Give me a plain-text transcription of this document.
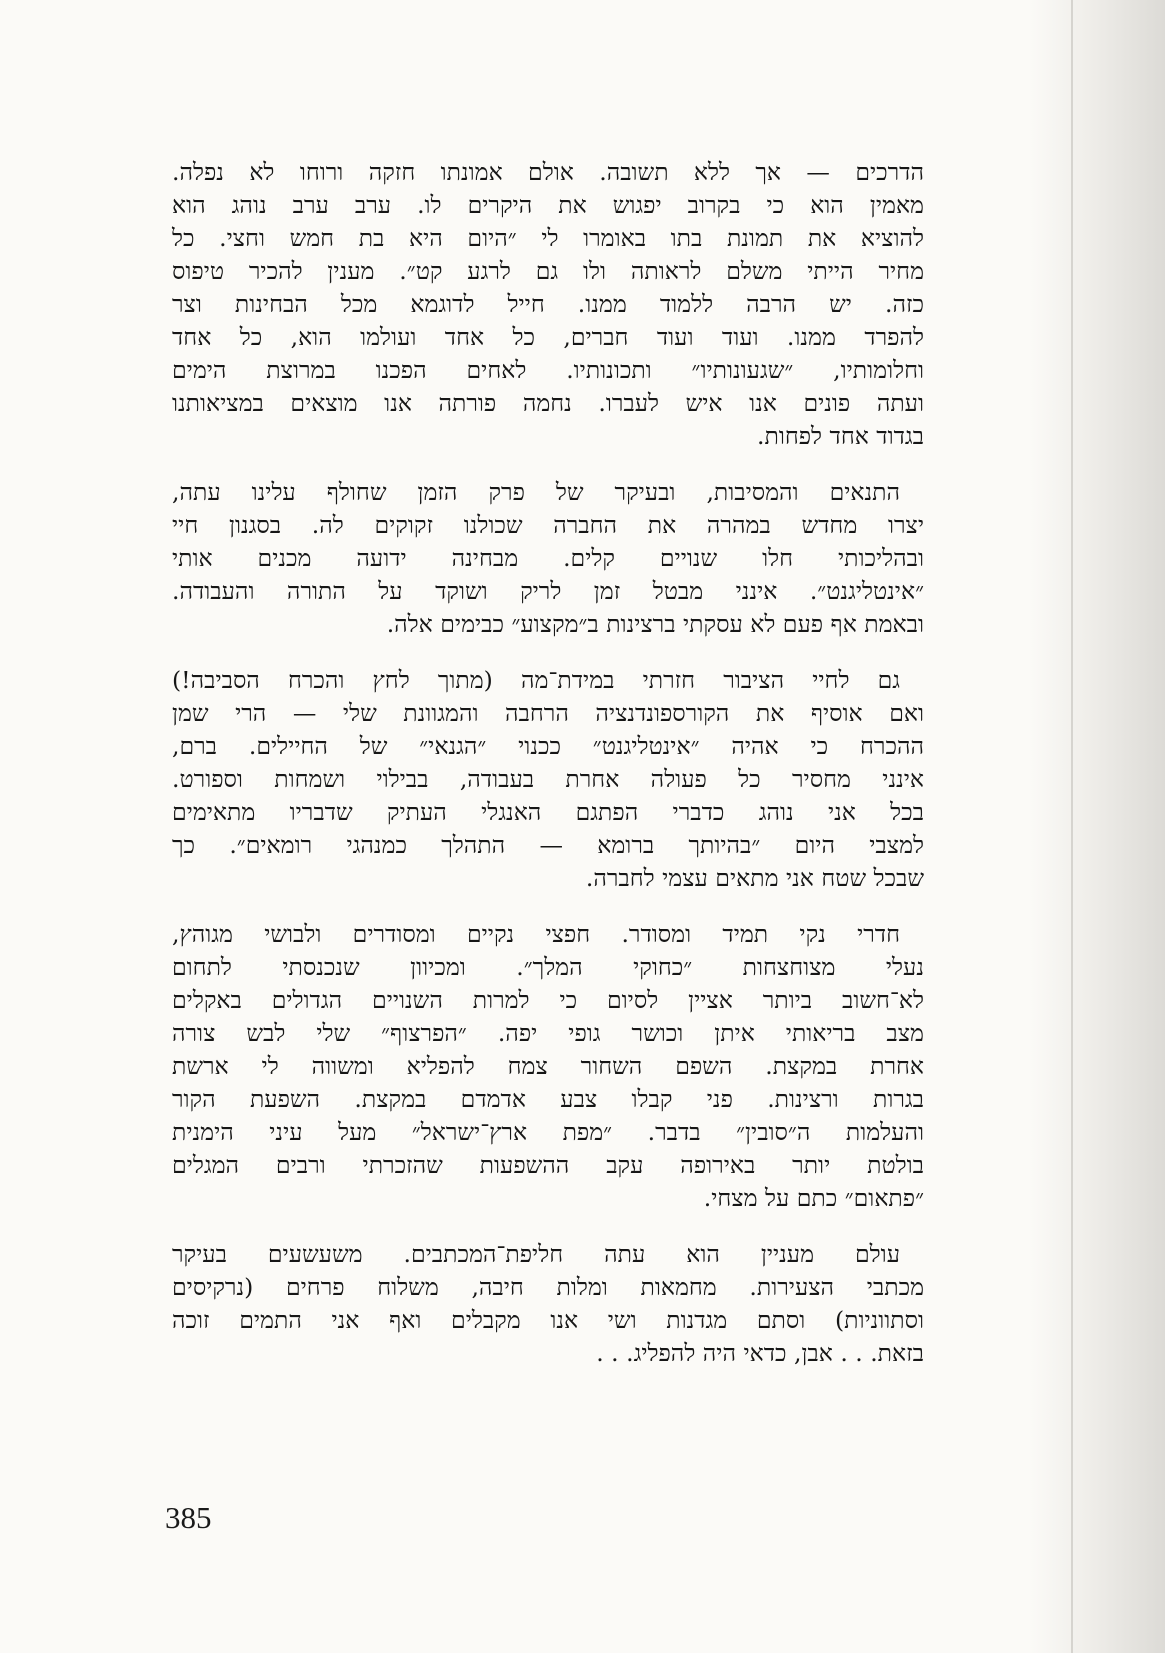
הדרכים — אך ללא תשובה. אולם אמונתו חזקה ורוחו לא נפלה.
מאמין הוא כי בקרוב יפגוש את היקרים לו. ערב ערב נוהג הוא
להוציא את תמונת בתו באומרו לי ״היום היא בת חמש וחצי. כל
מחיר הייתי משלם לראותה ולו גם לרגע קט״. מענין להכיר טיפוס
כזה. יש הרבה ללמוד ממנו. חייל לדוגמא מכל הבחינות וצר
להפרד ממנו. ועוד ועוד חברים, כל אחד ועולמו הוא, כל אחד
וחלומותיו, ״שגעונותיו״ ותכונותיו. לאחים הפכנו במרוצת הימים
ועתה פונים אנו איש לעברו. נחמה פורתה אנו מוצאים במציאותנו
בגדוד אחד לפחות.

התנאים והמסיבות, ובעיקר של פרק הזמן שחולף עלינו עתה,
יצרו מחדש במהרה את החברה שכולנו זקוקים לה. בסגנון חיי
ובהליכותי חלו שנויים קלים. מבחינה ידועה מכנים אותי
״אינטליגנט״. אינני מבטל זמן לריק ושוקד על התורה והעבודה.
ובאמת אף פעם לא עסקתי ברצינות ב״מקצוע״ כבימים אלה.

גם לחיי הציבור חזרתי במידת־מה (מתוך לחץ והכרח הסביבה!)
ואם אוסיף את הקורספונדנציה הרחבה והמגוונת שלי — הרי שמן
ההכרח כי אהיה ״אינטליגנט״ ככנוי ״הגנאי״ של החיילים. ברם,
אינני מחסיר כל פעולה אחרת בעבודה, בבילוי ושמחות וספורט.
בכל אני נוהג כדברי הפתגם האנגלי העתיק שדבריו מתאימים
למצבי היום ״בהיותך ברומא — התהלך כמנהגי רומאים״. כך
שבכל שטח אני מתאים עצמי לחברה.

חדרי נקי תמיד ומסודר. חפצי נקיים ומסודרים ולבושי מגוהץ,
נעלי מצוחצחות ״כחוקי המלך״. ומכיוון שנכנסתי לתחום
לא־חשוב ביותר אציין לסיום כי למרות השנויים הגדולים באקלים
מצב בריאותי איתן וכושר גופי יפה. ״הפרצוף״ שלי לבש צורה
אחרת במקצת. השפם השחור צמח להפליא ומשווה לי ארשת
בגרות ורצינות. פני קבלו צבע אדמדם במקצת. השפעת הקור
והעלמות ה״סובין״ בדבר. ״מפת ארץ־ישראל״ מעל עיני הימנית
בולטת יותר באירופה עקב ההשפעות שהזכרתי ורבים המגלים
״פתאום״ כתם על מצחי.

עולם מעניין הוא עתה חליפת־המכתבים. משעשעים בעיקר
מכתבי הצעירות. מחמאות ומלות חיבה, משלוח פרחים (נרקיסים
וסתווניות) וסתם מגדנות ושי אנו מקבלים ואף אני התמים זוכה
בזאת. . . אבן, כדאי היה להפליג. . .

385
